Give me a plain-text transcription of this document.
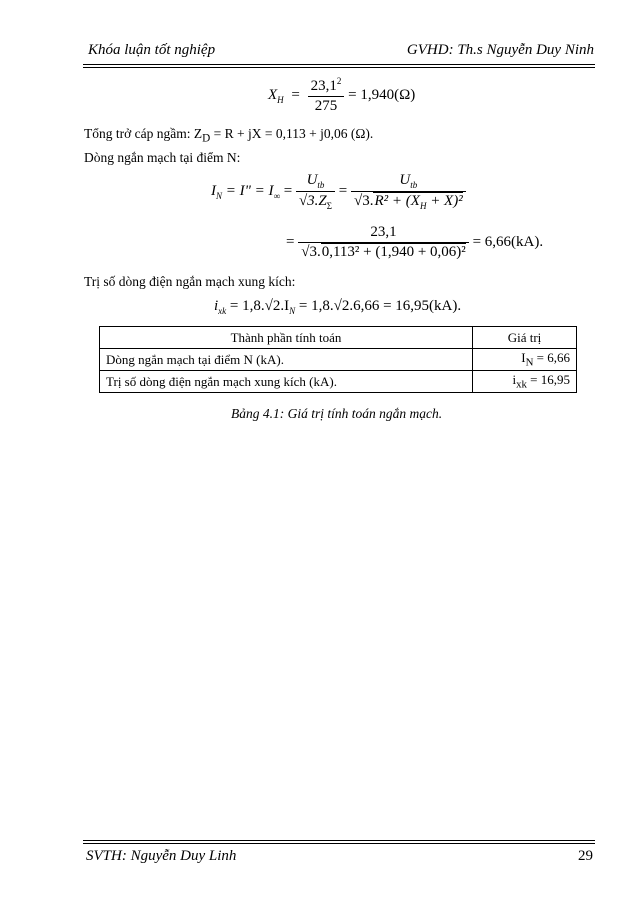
Khóa luận tốt nghiệp	GVHD: Th.s Nguyễn Duy Ninh
$X_H = \frac{23,1^2}{275} = 1,940(\Omega)$
Tổng trở cáp ngầm: $Z_D = R$ + jX = 0,113 + j0,06 (Ω).
Dòng ngắn mạch tại điểm N:
$I_N = I$" = $I_\infty = \frac{U_{tb}}{√3.Z_\Sigma} = \frac{U_{tb}}{√3.R^2 + (X_H + X)^2}$
= $\frac{23,1}{\text{√3.0,113² + (1,940 + 0,06)²}} = 6,66(kA)$.
Trị số dòng điện ngắn mạch xung kích:
$i_{xk} = 1,8.√2.I_N = 1,8.√2.6,66 = 16,95(kA)$.
Thành phần tính toán	Giá trị
Dòng ngắn mạch tại điểm N (kA).	$I_N = 6,66$
Trị số dòng điện ngắn mạch xung kích (kA).	$i_{xk} = 16,95$
Bảng 4.1: Giá trị tính toán ngắn mạch.
SVTH: Nguyễn Duy Linh	29
